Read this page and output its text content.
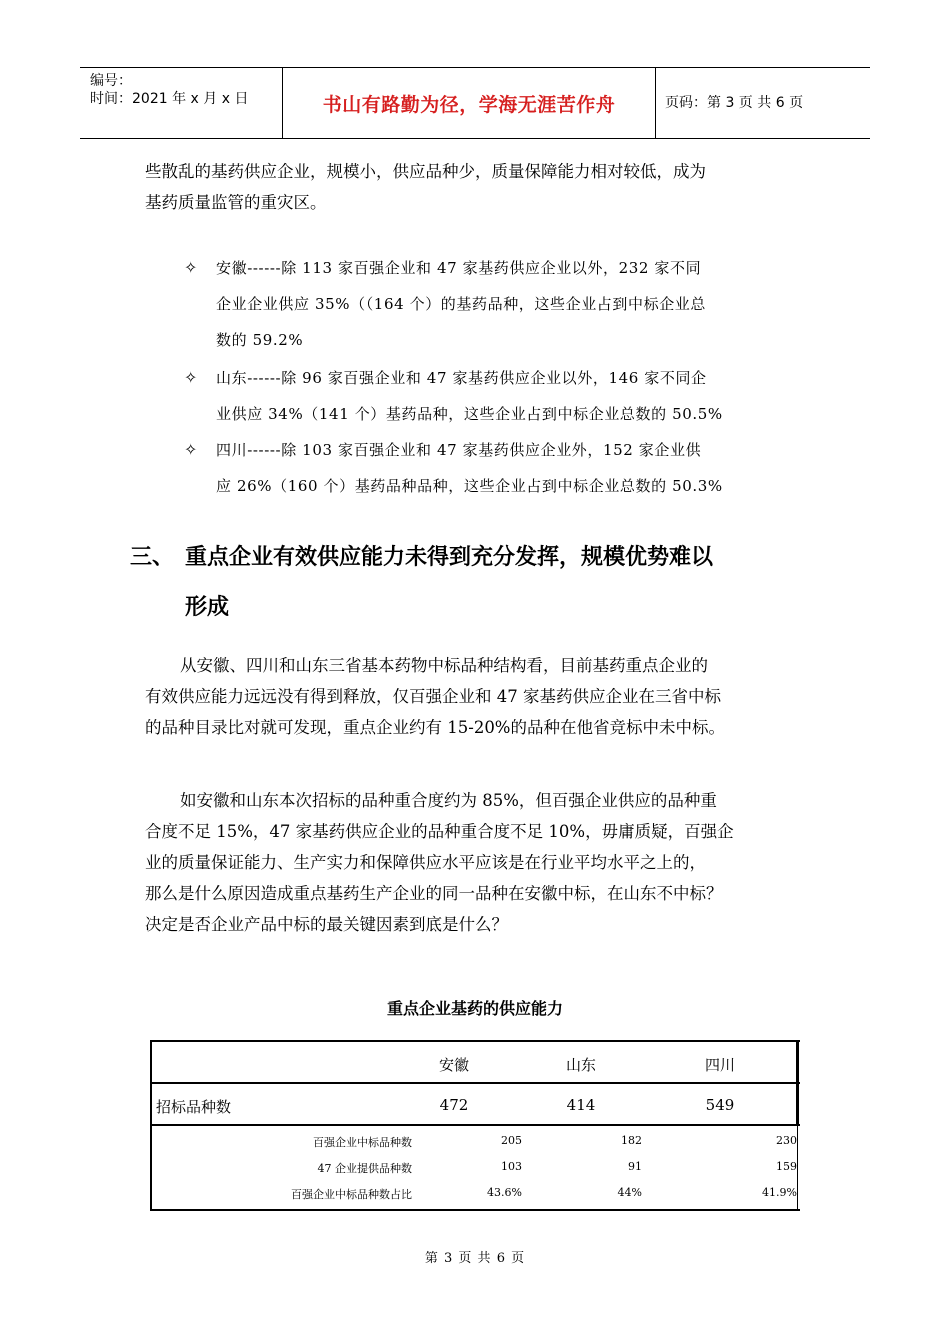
编号：
时间：2021 年 x 月 x 日	书山有路勤为径，学海无涯苦作舟	页码：第 3 页 共 6 页
些散乱的基药供应企业，规模小，供应品种少，质量保障能力相对较低，成为
基药质量监管的重灾区。
✧ 安徽------除 113 家百强企业和 47 家基药供应企业以外，232 家不同
企业企业供应 35%（（164 个）的基药品种，这些企业占到中标企业总
数的 59.2%
✧ 山东------除 96 家百强企业和 47 家基药供应企业以外，146 家不同企
业供应 34%（141 个）基药品种，这些企业占到中标企业总数的 50.5%
✧ 四川------除 103 家百强企业和 47 家基药供应企业外，152 家企业供
应 26%（160 个）基药品种品种，这些企业占到中标企业总数的 50.3%
三、 重点企业有效供应能力未得到充分发挥，规模优势难以
形成
从安徽、四川和山东三省基本药物中标品种结构看，目前基药重点企业的
有效供应能力远远没有得到释放，仅百强企业和 47 家基药供应企业在三省中标
的品种目录比对就可发现，重点企业约有 15-20%的品种在他省竞标中未中标。
如安徽和山东本次招标的品种重合度约为 85%，但百强企业供应的品种重
合度不足 15%，47 家基药供应企业的品种重合度不足 10%，毋庸质疑，百强企
业的质量保证能力、生产实力和保障供应水平应该是在行业平均水平之上的，
那么是什么原因造成重点基药生产企业的同一品种在安徽中标，在山东不中标？
决定是否企业产品中标的最关键因素到底是什么？
重点企业基药的供应能力
安徽	山东	四川
招标品种数	472	414	549
百强企业中标品种数	205	182	230
47 企业提供品种数	103	91	159
百强企业中标品种数占比	43.6%	44%	41.9%
第 3 页 共 6 页
